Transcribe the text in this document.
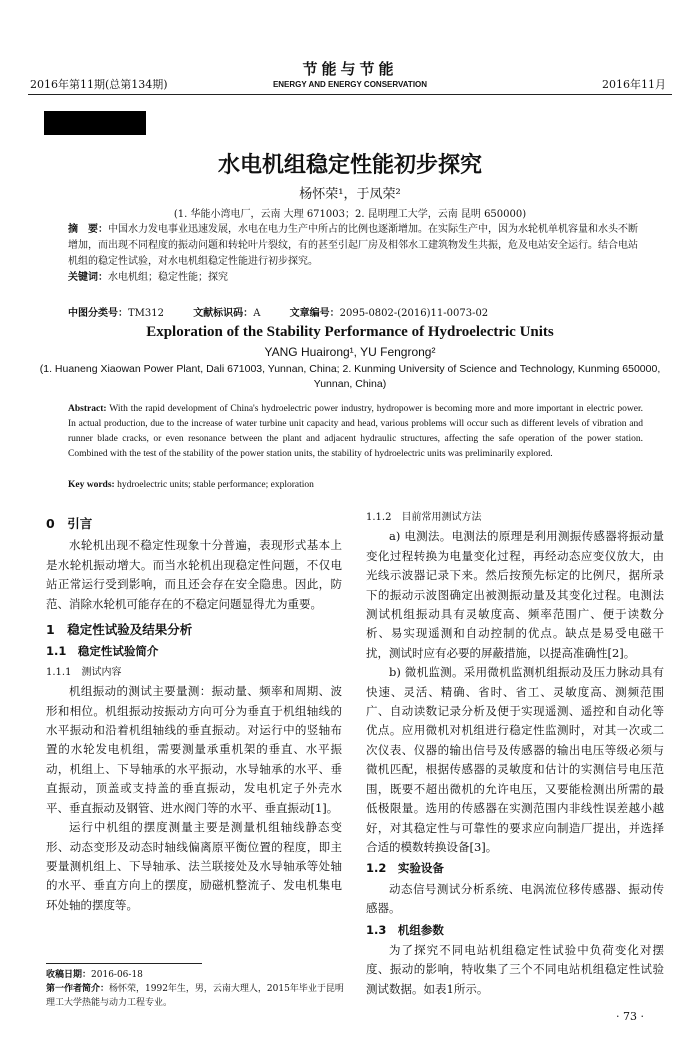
2016年第11期(总第134期)
节能与节能
ENERGY AND ENERGY CONSERVATION	2016年11月
水电机组稳定性能初步探究
杨怀荣¹，于凤荣²
(1. 华能小湾电厂，云南 大理 671003；2. 昆明理工大学，云南 昆明 650000)
摘　要：中国水力发电事业迅速发展，水电在电力生产中所占的比例也逐渐增加。在实际生产中，因为水轮机单机容量和水头不断增加，而出现不同程度的振动问题和转轮叶片裂纹，有的甚至引起厂房及相邻水工建筑物发生共振，危及电站安全运行。结合电站机组的稳定性试验，对水电机组稳定性能进行初步探究。
关键词：水电机组；稳定性能；探究
中图分类号：TM312	文献标识码：A	文章编号：2095-0802-(2016)11-0073-02
Exploration of the Stability Performance of Hydroelectric Units
YANG Huairong¹, YU Fengrong²
(1. Huaneng Xiaowan Power Plant, Dali 671003, Yunnan, China; 2. Kunming University of Science and Technology, Kunming 650000, Yunnan, China)
Abstract: With the rapid development of China's hydroelectric power industry, hydropower is becoming more and more important in electric power. In actual production, due to the increase of water turbine unit capacity and head, various problems will occur such as different levels of vibration and runner blade cracks, or even resonance between the plant and adjacent hydraulic structures, affecting the safe operation of the power station. Combined with the test of the stability of the power station units, the stability of hydroelectric units was preliminarily explored.
Key words: hydroelectric units; stable performance; exploration
0　引言

水轮机出现不稳定性现象十分普遍，表现形式基本上是水轮机振动增大。而当水轮机出现稳定性问题，不仅电站正常运行受到影响，而且还会存在安全隐患。因此，防范、消除水轮机可能存在的不稳定问题显得尤为重要。

1　稳定性试验及结果分析
1.1　稳定性试验简介
1.1.1　测试内容

机组振动的测试主要量测：振动量、频率和周期、波形和相位。机组振动按振动方向可分为垂直于机组轴线的水平振动和沿着机组轴线的垂直振动。对运行中的竖轴布置的水轮发电机组，需要测量承重机架的垂直、水平振动，机组上、下导轴承的水平振动，水导轴承的水平、垂直振动，顶盖或支持盖的垂直振动，发电机定子外壳水平、垂直振动及钢管、进水阀门等的水平、垂直振动[1]。

运行中机组的摆度测量主要是测量机组轴线静态变形、动态变形及动态时轴线偏离原平衡位置的程度，即主要量测机组上、下导轴承、法兰联接处及水导轴承等处轴的水平、垂直方向上的摆度，励磁机整流子、发电机集电环处轴的摆度等。

1.1.2　目前常用测试方法

a) 电测法。电测法的原理是利用测振传感器将振动量变化过程转换为电量变化过程，再经动态应变仪放大，由光线示波器记录下来。然后按预先标定的比例尺，据所录下的振动示波图确定出被测振动量及其变化过程。电测法测试机组振动具有灵敏度高、频率范围广、便于读数分析、易实现遥测和自动控制的优点。缺点是易受电磁干扰，测试时应有必要的屏蔽措施，以提高准确性[2]。

b) 微机监测。采用微机监测机组振动及压力脉动具有快速、灵活、精确、省时、省工、灵敏度高、测频范围广、自动读数记录分析及便于实现遥测、遥控和自动化等优点。应用微机对机组进行稳定性监测时，对其一次或二次仪表、仪器的输出信号及传感器的输出电压等级必须与微机匹配，根据传感器的灵敏度和估计的实测信号电压范围，既要不超出微机的允许电压，又要能检测出所需的最低极限量。选用的传感器在实测范围内非线性误差越小越好，对其稳定性与可靠性的要求应向制造厂提出，并选择合适的模数转换设备[3]。

1.2　实验设备

动态信号测试分析系统、电涡流位移传感器、振动传感器。

1.3　机组参数

为了探究不同电站机组稳定性试验中负荷变化对摆度、振动的影响，特收集了三个不同电站机组稳定性试验测试数据。如表1所示。

收稿日期：2016-06-18
第一作者简介：杨怀荣，1992年生，男，云南大理人，2015年毕业于昆明理工大学热能与动力工程专业。
· 73 ·
